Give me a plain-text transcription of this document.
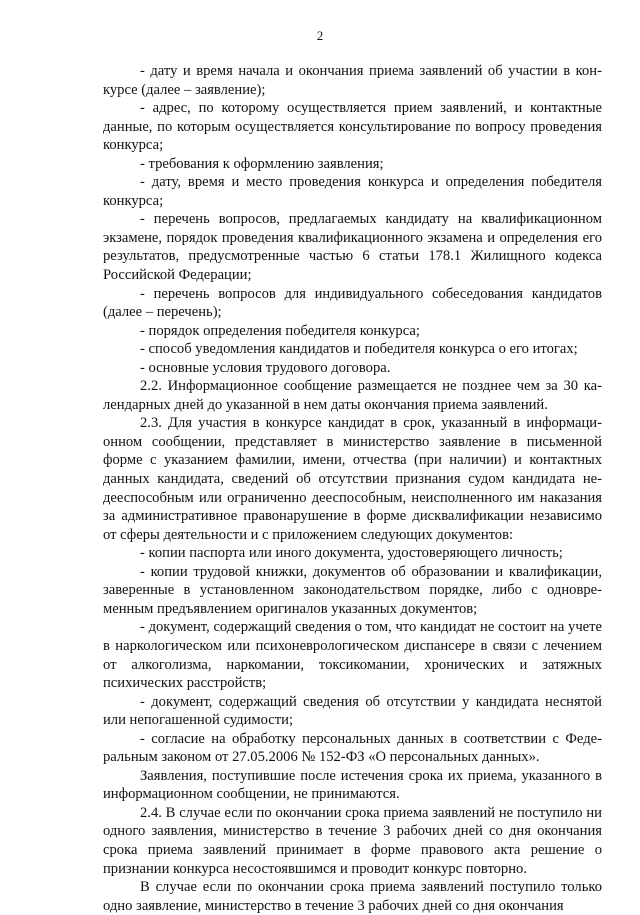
2

- дату и время начала и окончания приема заявлений об участии в конкурсе (далее – заявление);

- адрес, по которому осуществляется прием заявлений, и контактные данные, по которым осуществляется консультирование по вопросу проведения конкурса;

- требования к оформлению заявления;

- дату, время и место проведения конкурса и определения победителя конкурса;

- перечень вопросов, предлагаемых кандидату на квалификационном экзамене, порядок проведения квалификационного экзамена и определения его результатов, предусмотренные частью 6 статьи 178.1 Жилищного кодекса Российской Федерации;

- перечень вопросов для индивидуального собеседования кандидатов (далее – перечень);

- порядок определения победителя конкурса;

- способ уведомления кандидатов и победителя конкурса о его итогах;

- основные условия трудового договора.

2.2. Информационное сообщение размещается не позднее чем за 30 календарных дней до указанной в нем даты окончания приема заявлений.

2.3. Для участия в конкурсе кандидат в срок, указанный в информационном сообщении, представляет в министерство заявление в письменной форме с указанием фамилии, имени, отчества (при наличии) и контактных данных кандидата, сведений об отсутствии признания судом кандидата недееспособным или ограниченно дееспособным, неисполненного им наказания за административное правонарушение в форме дисквалификации независимо от сферы деятельности и с приложением следующих документов:

- копии паспорта или иного документа, удостоверяющего личность;

- копии трудовой книжки, документов об образовании и квалификации, заверенные в установленном законодательством порядке, либо с одновременным предъявлением оригиналов указанных документов;

- документ, содержащий сведения о том, что кандидат не состоит на учете в наркологическом или психоневрологическом диспансере в связи с лечением от алкоголизма, наркомании, токсикомании, хронических и затяжных психических расстройств;

- документ, содержащий сведения об отсутствии у кандидата неснятой или непогашенной судимости;

- согласие на обработку персональных данных в соответствии с Федеральным законом от 27.05.2006 № 152-ФЗ «О персональных данных».

Заявления, поступившие после истечения срока их приема, указанного в информационном сообщении, не принимаются.

2.4. В случае если по окончании срока приема заявлений не поступило ни одного заявления, министерство в течение 3 рабочих дней со дня окончания срока приема заявлений принимает в форме правового акта решение о признании конкурса несостоявшимся и проводит конкурс повторно.

В случае если по окончании срока приема заявлений поступило только одно заявление, министерство в течение 3 рабочих дней со дня окончания
